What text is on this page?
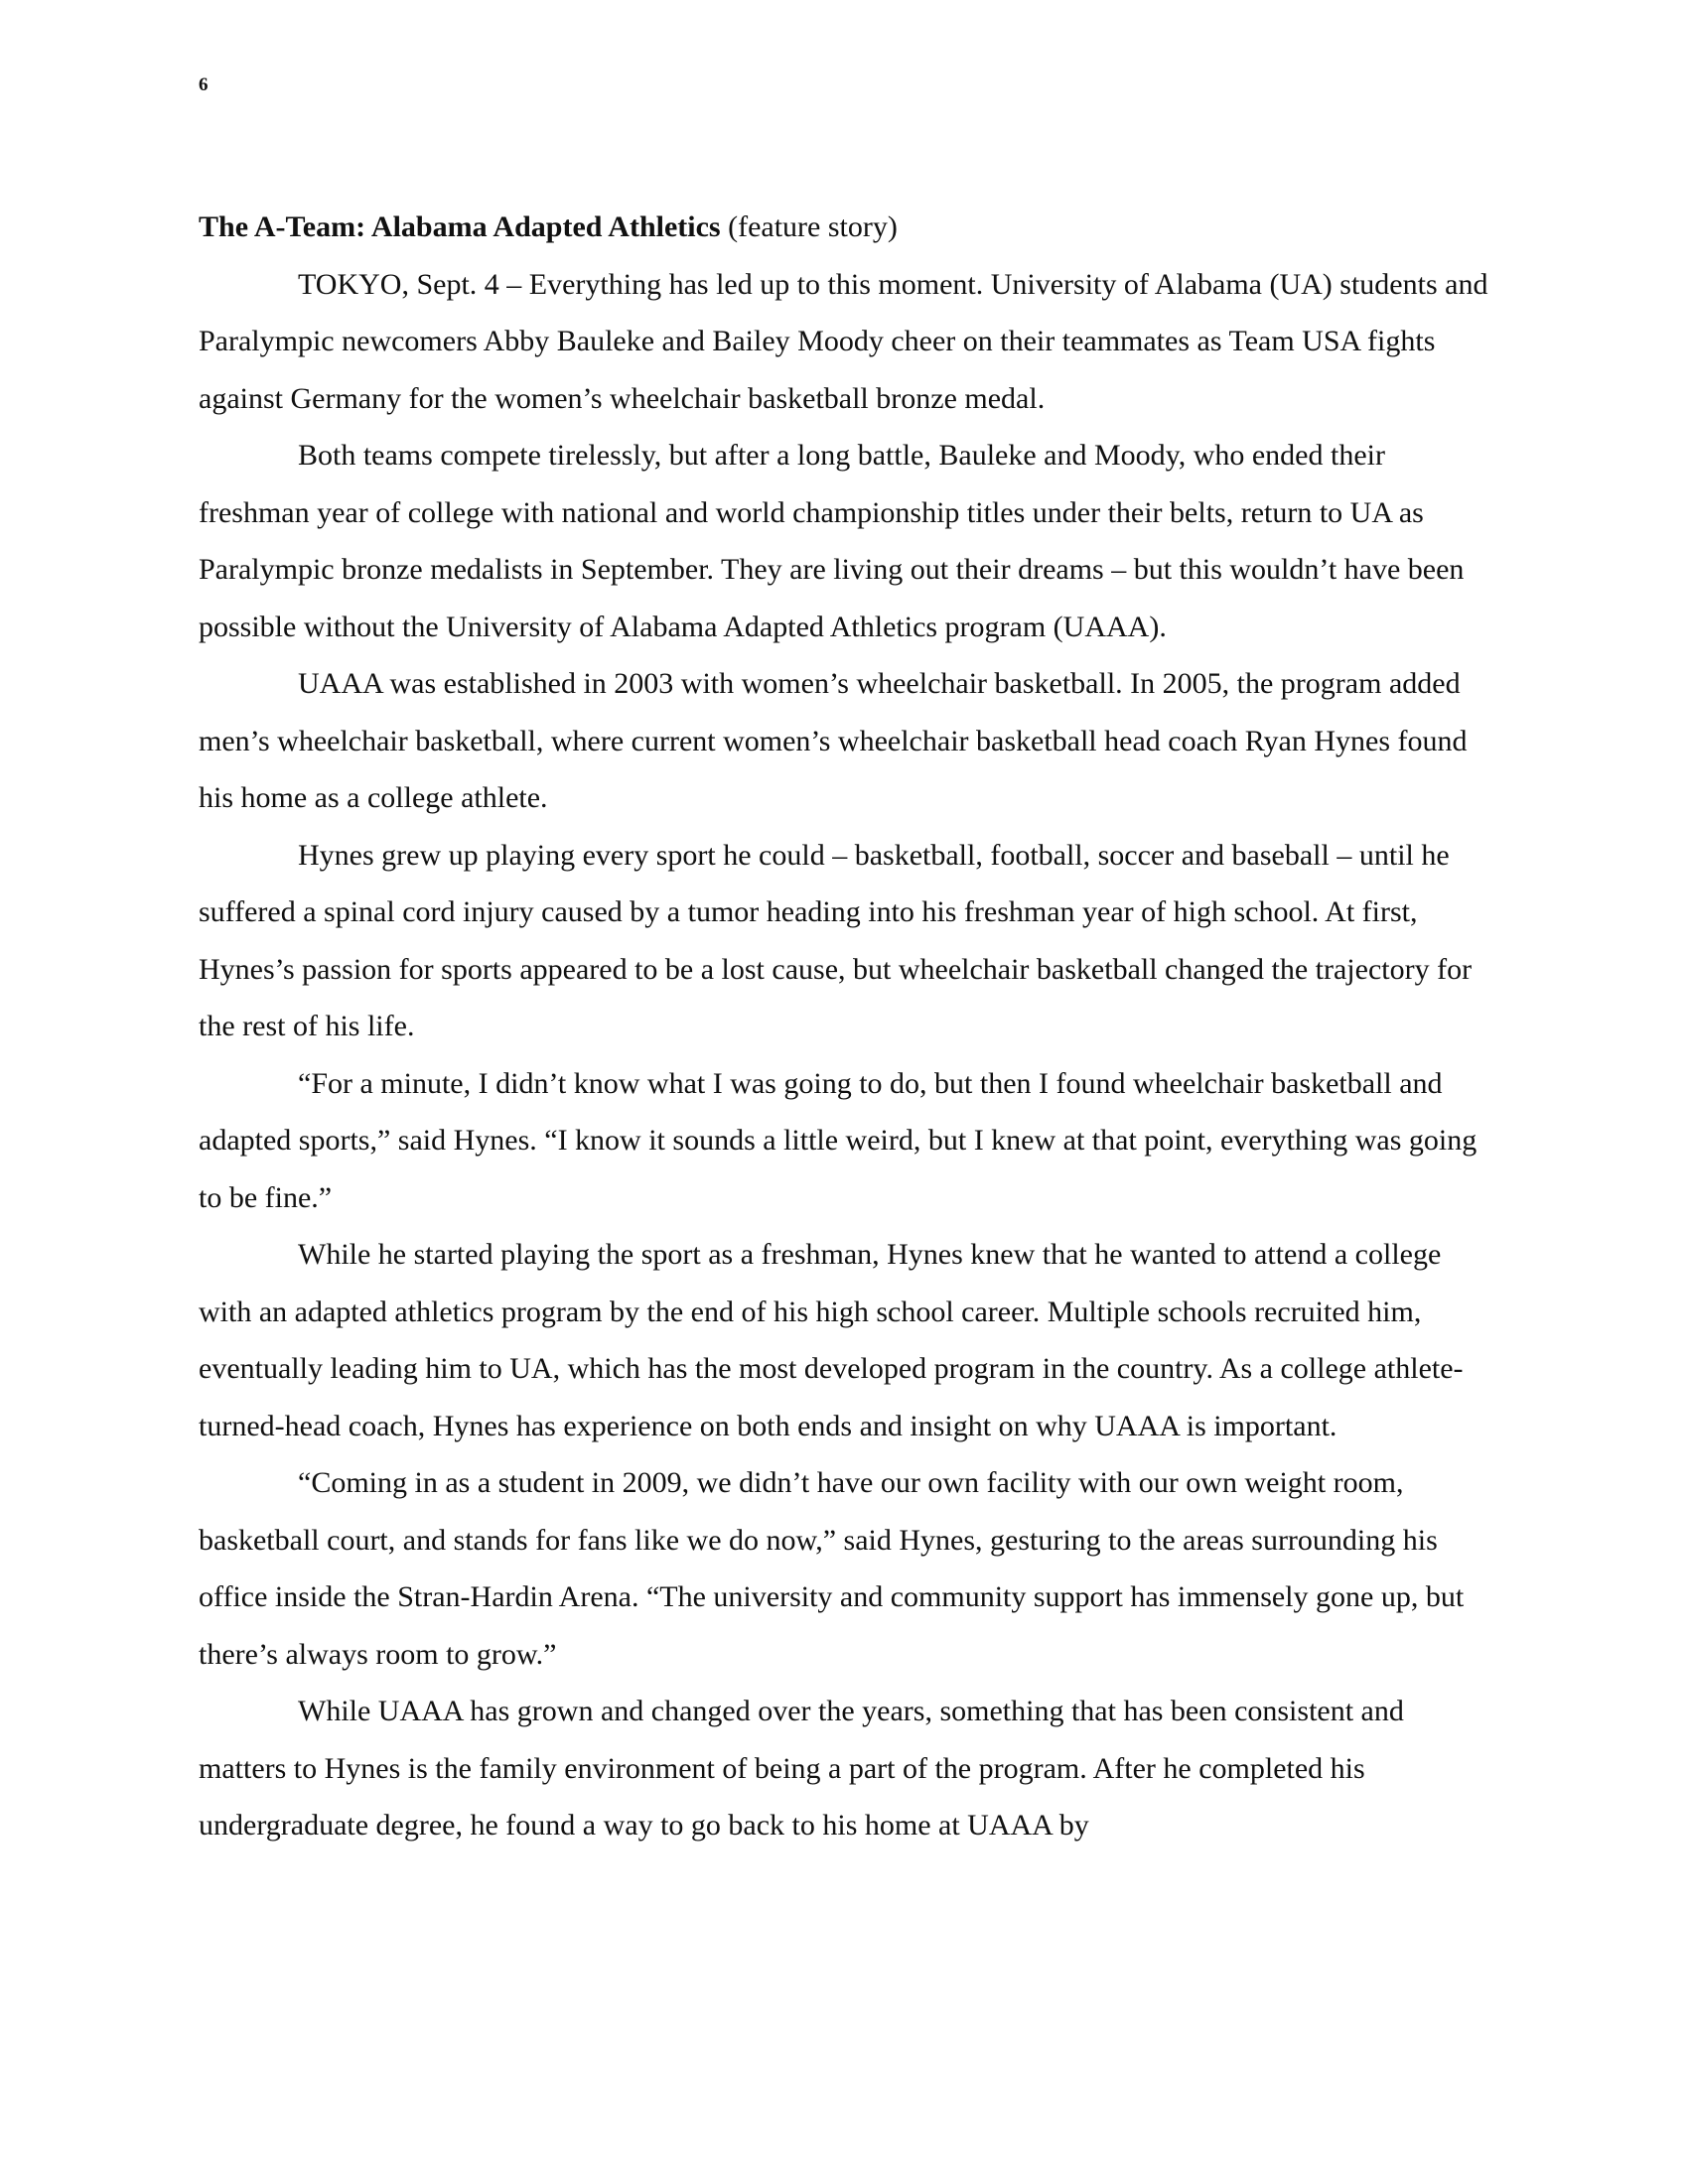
6

The A-Team: Alabama Adapted Athletics (feature story)

TOKYO, Sept. 4 – Everything has led up to this moment. University of Alabama (UA) students and Paralympic newcomers Abby Bauleke and Bailey Moody cheer on their teammates as Team USA fights against Germany for the women’s wheelchair basketball bronze medal.

Both teams compete tirelessly, but after a long battle, Bauleke and Moody, who ended their freshman year of college with national and world championship titles under their belts, return to UA as Paralympic bronze medalists in September. They are living out their dreams – but this wouldn’t have been possible without the University of Alabama Adapted Athletics program (UAAA).

UAAA was established in 2003 with women’s wheelchair basketball. In 2005, the program added men’s wheelchair basketball, where current women’s wheelchair basketball head coach Ryan Hynes found his home as a college athlete.

Hynes grew up playing every sport he could – basketball, football, soccer and baseball – until he suffered a spinal cord injury caused by a tumor heading into his freshman year of high school. At first, Hynes’s passion for sports appeared to be a lost cause, but wheelchair basketball changed the trajectory for the rest of his life.

“For a minute, I didn’t know what I was going to do, but then I found wheelchair basketball and adapted sports,” said Hynes. “I know it sounds a little weird, but I knew at that point, everything was going to be fine.”

While he started playing the sport as a freshman, Hynes knew that he wanted to attend a college with an adapted athletics program by the end of his high school career. Multiple schools recruited him, eventually leading him to UA, which has the most developed program in the country. As a college athlete-turned-head coach, Hynes has experience on both ends and insight on why UAAA is important.

“Coming in as a student in 2009, we didn’t have our own facility with our own weight room, basketball court, and stands for fans like we do now,” said Hynes, gesturing to the areas surrounding his office inside the Stran-Hardin Arena. “The university and community support has immensely gone up, but there’s always room to grow.”

While UAAA has grown and changed over the years, something that has been consistent and matters to Hynes is the family environment of being a part of the program. After he completed his undergraduate degree, he found a way to go back to his home at UAAA by
